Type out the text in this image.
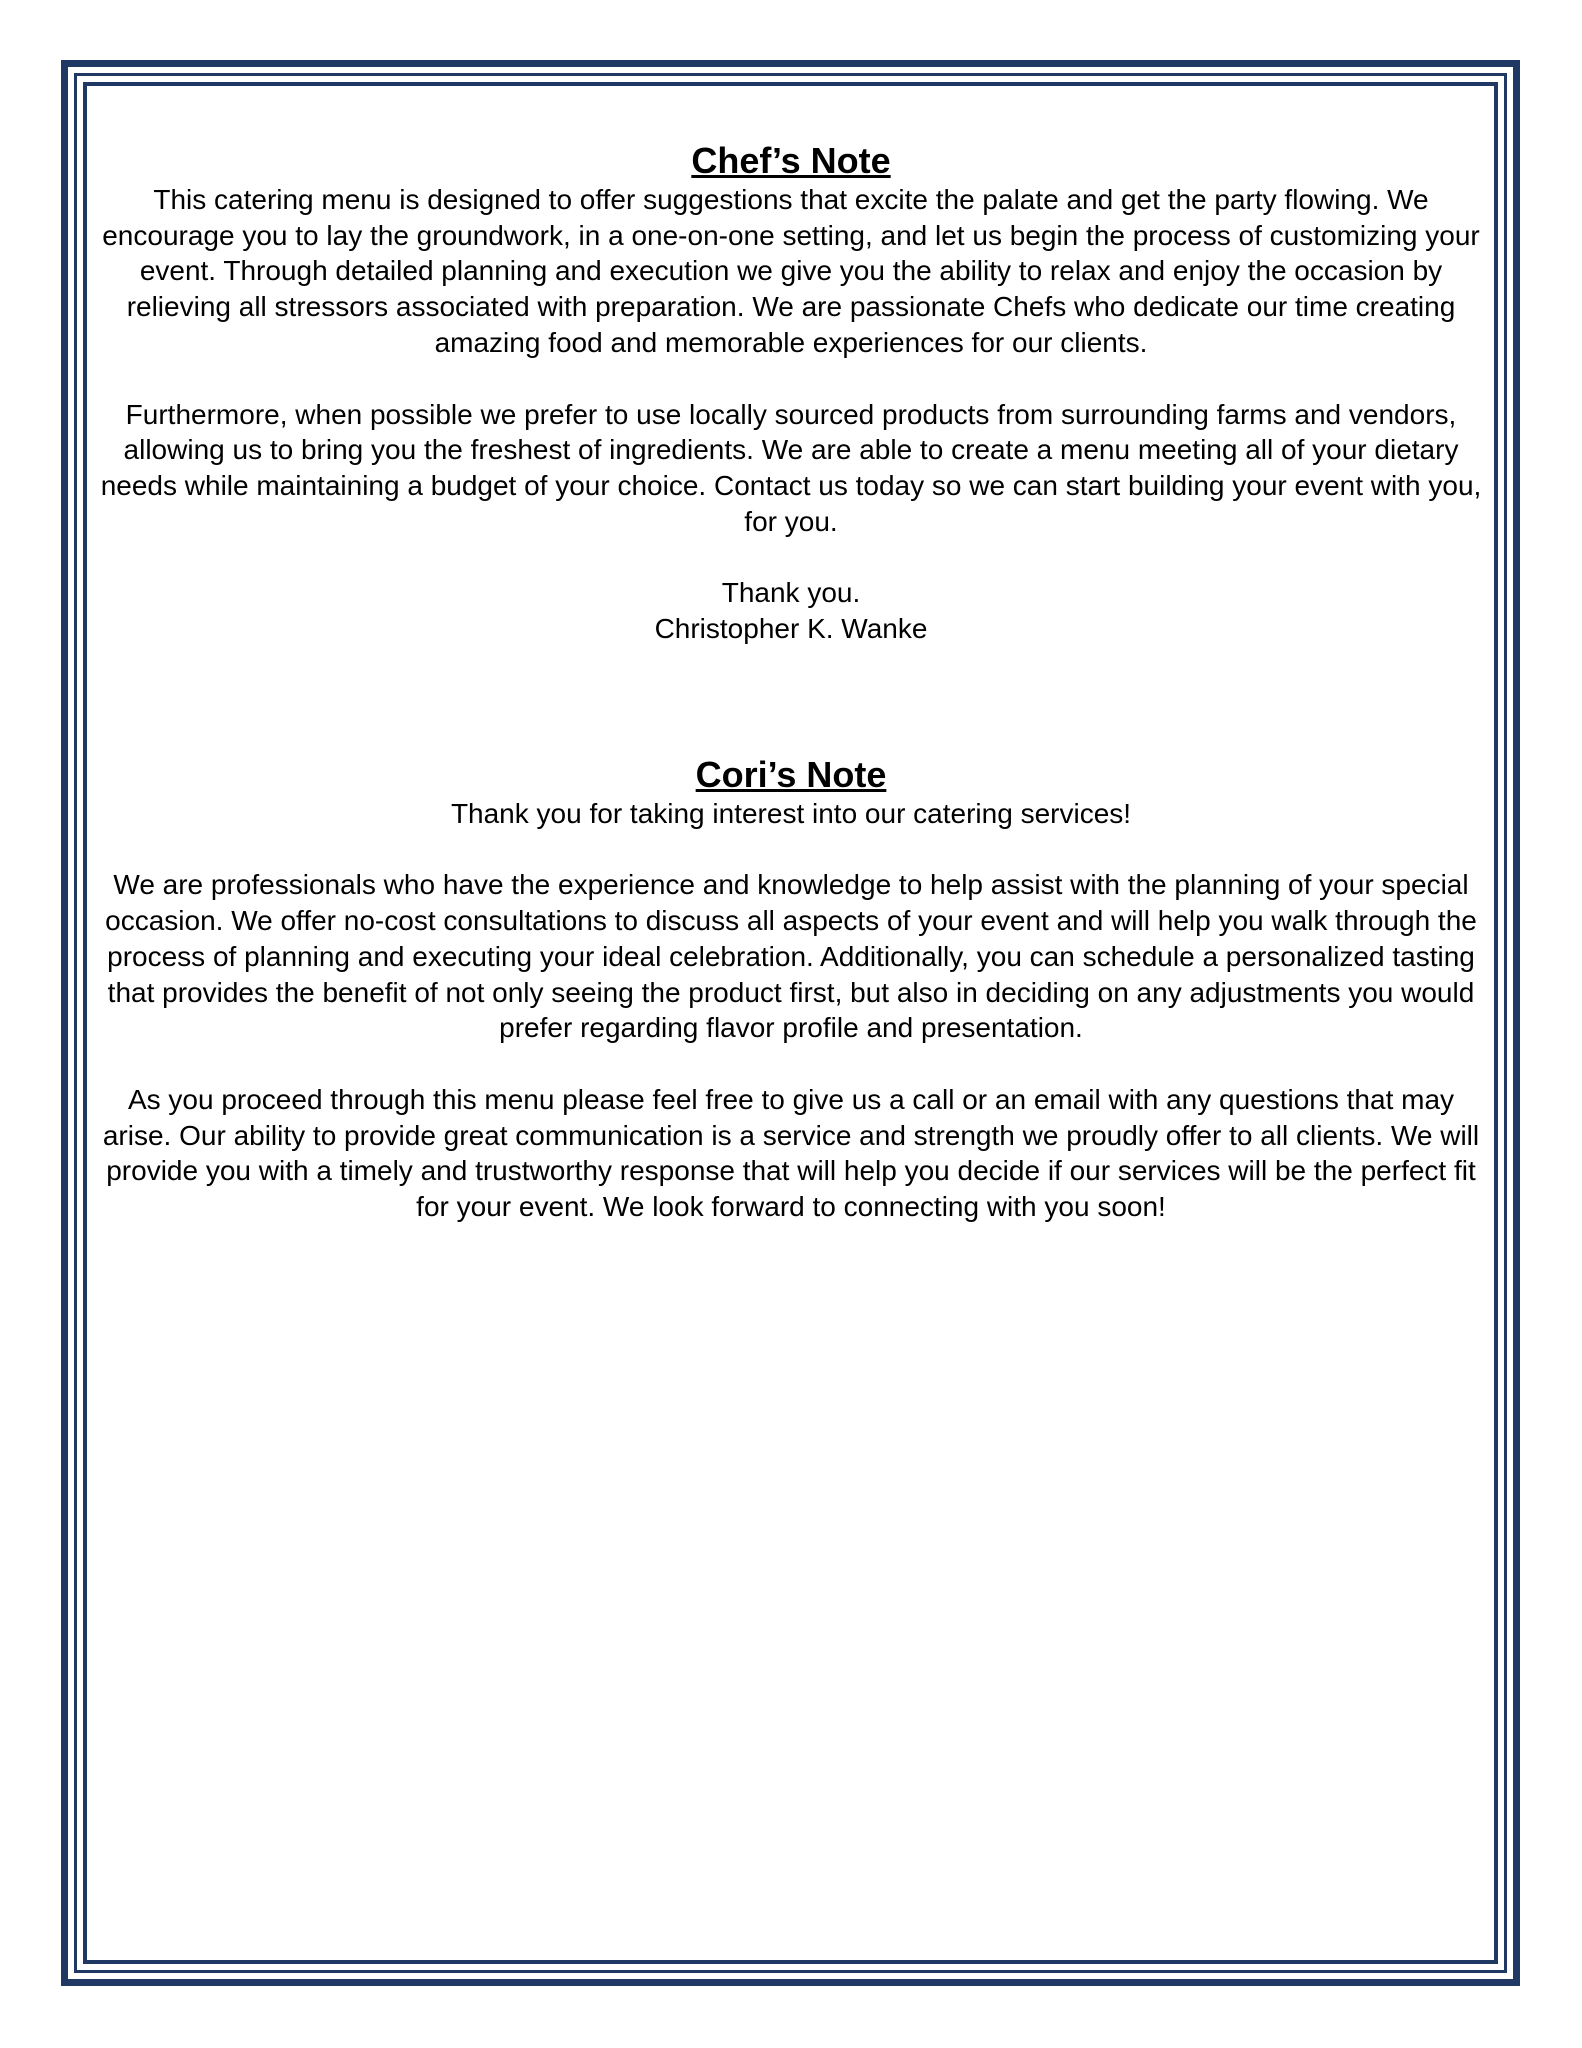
Chef’s Note

This catering menu is designed to offer suggestions that excite the palate and get the party flowing. We encourage you to lay the groundwork, in a one-on-one setting, and let us begin the process of customizing your event. Through detailed planning and execution we give you the ability to relax and enjoy the occasion by relieving all stressors associated with preparation. We are passionate Chefs who dedicate our time creating amazing food and memorable experiences for our clients.

Furthermore, when possible we prefer to use locally sourced products from surrounding farms and vendors, allowing us to bring you the freshest of ingredients. We are able to create a menu meeting all of your dietary needs while maintaining a budget of your choice. Contact us today so we can start building your event with you, for you.

Thank you.
Christopher K. Wanke

Cori’s Note

Thank you for taking interest into our catering services!

We are professionals who have the experience and knowledge to help assist with the planning of your special occasion. We offer no-cost consultations to discuss all aspects of your event and will help you walk through the process of planning and executing your ideal celebration. Additionally, you can schedule a personalized tasting that provides the benefit of not only seeing the product first, but also in deciding on any adjustments you would prefer regarding flavor profile and presentation.

As you proceed through this menu please feel free to give us a call or an email with any questions that may arise. Our ability to provide great communication is a service and strength we proudly offer to all clients. We will provide you with a timely and trustworthy response that will help you decide if our services will be the perfect fit for your event. We look forward to connecting with you soon!
